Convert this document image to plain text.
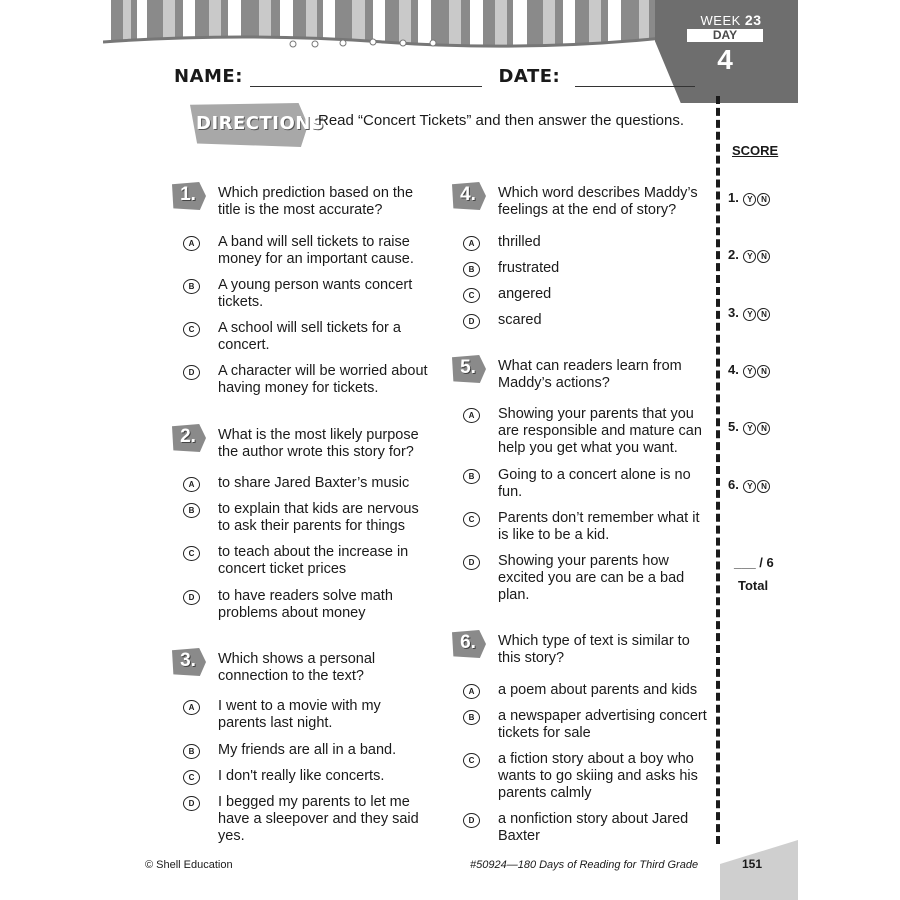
WEEK 23
DAY
4
NAME:	DATE:
DIRECTIONS
Read “Concert Tickets” and then answer the questions.
SCORE
1. Y N
2. Y N
3. Y N
4. Y N
5. Y N
6. Y N
___ / 6
Total
1.	Which prediction based on the title is the most accurate?
A	A band will sell tickets to raise money for an important cause.
B	A young person wants concert tickets.
C	A school will sell tickets for a concert.
D	A character will be worried about having money for tickets.
2.	What is the most likely purpose the author wrote this story for?
A	to share Jared Baxter’s music
B	to explain that kids are nervous to ask their parents for things
C	to teach about the increase in concert ticket prices
D	to have readers solve math problems about money
3.	Which shows a personal connection to the text?
A	I went to a movie with my parents last night.
B	My friends are all in a band.
C	I don't really like concerts.
D	I begged my parents to let me have a sleepover and they said yes.
4.	Which word describes Maddy’s feelings at the end of story?
A	thrilled
B	frustrated
C	angered
D	scared
5.	What can readers learn from Maddy’s actions?
A	Showing your parents that you are responsible and mature can help you get what you want.
B	Going to a concert alone is no fun.
C	Parents don’t remember what it is like to be a kid.
D	Showing your parents how excited you are can be a bad plan.
6.	Which type of text is similar to this story?
A	a poem about parents and kids
B	a newspaper advertising concert tickets for sale
C	a fiction story about a boy who wants to go skiing and asks his parents calmly
D	a nonfiction story about Jared Baxter
© Shell Education	#50924—180 Days of Reading for Third Grade	151
